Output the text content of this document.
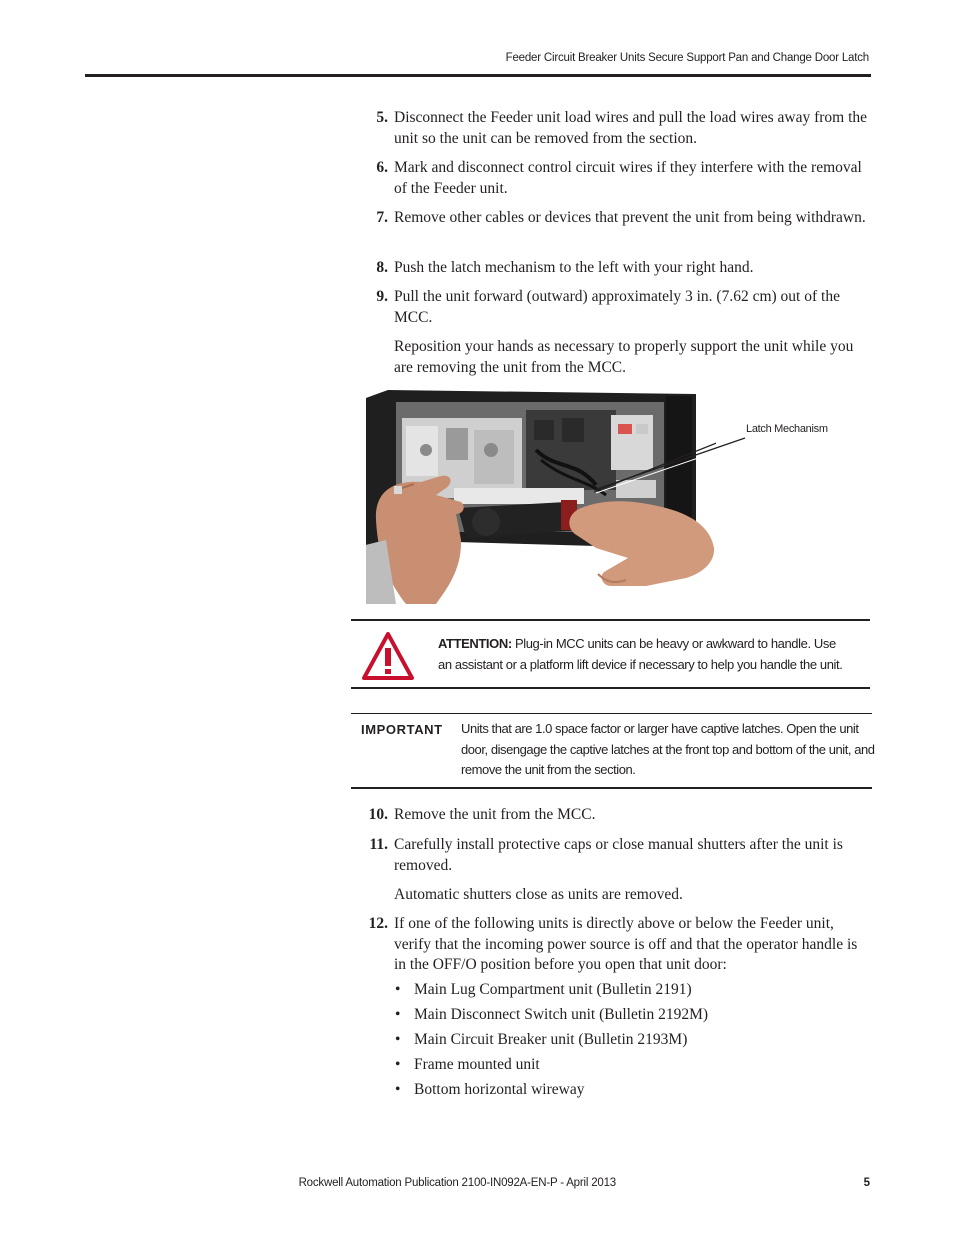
Feeder Circuit Breaker Units Secure Support Pan and Change Door Latch
5. Disconnect the Feeder unit load wires and pull the load wires away from the unit so the unit can be removed from the section.
6. Mark and disconnect control circuit wires if they interfere with the removal of the Feeder unit.
7. Remove other cables or devices that prevent the unit from being withdrawn.
8. Push the latch mechanism to the left with your right hand.
9. Pull the unit forward (outward) approximately 3 in. (7.62 cm) out of the MCC.
Reposition your hands as necessary to properly support the unit while you are removing the unit from the MCC.
Latch Mechanism
ATTENTION: Plug-in MCC units can be heavy or awkward to handle. Use an assistant or a platform lift device if necessary to help you handle the unit.
IMPORTANT Units that are 1.0 space factor or larger have captive latches. Open the unit door, disengage the captive latches at the front top and bottom of the unit, and remove the unit from the section.
10. Remove the unit from the MCC.
11. Carefully install protective caps or close manual shutters after the unit is removed.
Automatic shutters close as units are removed.
12. If one of the following units is directly above or below the Feeder unit, verify that the incoming power source is off and that the operator handle is in the OFF/O position before you open that unit door:
• Main Lug Compartment unit (Bulletin 2191)
• Main Disconnect Switch unit (Bulletin 2192M)
• Main Circuit Breaker unit (Bulletin 2193M)
• Frame mounted unit
• Bottom horizontal wireway
Rockwell Automation Publication 2100-IN092A-EN-P - April 2013	5
